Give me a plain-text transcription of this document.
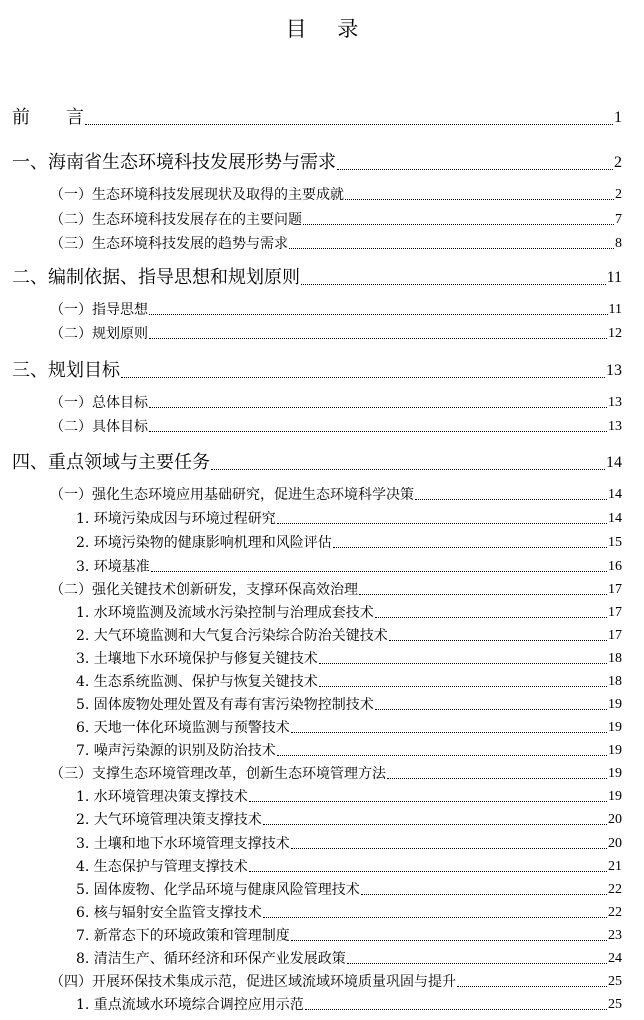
目 录
前　　言	1
一、海南省生态环境科技发展形势与需求	2
（一）生态环境科技发展现状及取得的主要成就	2
（二）生态环境科技发展存在的主要问题	7
（三）生态环境科技发展的趋势与需求	8
二、编制依据、指导思想和规划原则	11
（一）指导思想	11
（二）规划原则	12
三、规划目标	13
（一）总体目标	13
（二）具体目标	13
四、重点领域与主要任务	14
（一）强化生态环境应用基础研究，促进生态环境科学决策	14
1. 环境污染成因与环境过程研究	14
2. 环境污染物的健康影响机理和风险评估	15
3. 环境基准	16
（二）强化关键技术创新研发，支撑环保高效治理	17
1. 水环境监测及流域水污染控制与治理成套技术	17
2. 大气环境监测和大气复合污染综合防治关键技术	17
3. 土壤地下水环境保护与修复关键技术	18
4. 生态系统监测、保护与恢复关键技术	18
5. 固体废物处理处置及有毒有害污染物控制技术	19
6. 天地一体化环境监测与预警技术	19
7. 噪声污染源的识别及防治技术	19
（三）支撑生态环境管理改革，创新生态环境管理方法	19
1. 水环境管理决策支撑技术	19
2. 大气环境管理决策支撑技术	20
3. 土壤和地下水环境管理支撑技术	20
4. 生态保护与管理支撑技术	21
5. 固体废物、化学品环境与健康风险管理技术	22
6. 核与辐射安全监管支撑技术	22
7. 新常态下的环境政策和管理制度	23
8. 清洁生产、循环经济和环保产业发展政策	24
（四）开展环保技术集成示范，促进区域流域环境质量巩固与提升	25
1. 重点流域水环境综合调控应用示范	25
